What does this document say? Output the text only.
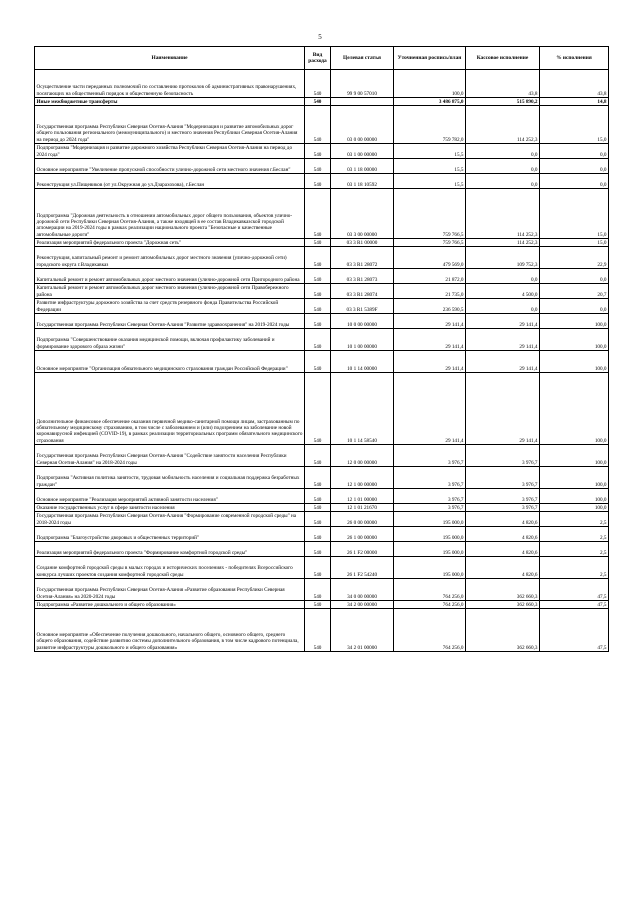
5
Наименование	Вид расхода	Целевая статья	Уточненная роспись/план	Кассовое исполнение	% исполнения
Осуществление части переданных полномочий по составлению протоколов об административных правонарушениях, посягающих на общественный порядок и общественную безопасность	540	99 9 00 57010	100,0	43,8	43,8
Иные межбюджетные трансферты	540		3 486 875,0	515 890,2	14,8
Государственная программа Республики Северная Осетия-Алания "Модернизация и развитие автомобильных дорог общего пользования регионального (межмуниципального) и местного значения Республики Северная Осетия-Алания на период до 2024 года"	540	03 0 00 00000	759 782,0	114 252,3	15,0
Подпрограмма "Модернизация и развитие дорожного хозяйства Республики Северная Осетия-Алания на период до 2024 года"	540	03 1 00 00000	15,5	0,0	0,0
Основное мероприятие "Увеличение пропускной способности улично-дорожной сети местного значения г.Беслан"	540	03 1 18 00000	15,5	0,0	0,0
Реконструкция ул.Пищевиков (от ул.Окружная до ул.Дзарахохова), г.Беслан	540	03 1 18 10592	15,5	0,0	0,0
Подпрограмма "Дорожная деятельность в отношении автомобильных дорог общего пользования, объектов улично-дорожной сети Республики Северная Осетия-Алания, а также входящей в ее состав Владикавказской городской агломерации на 2019-2024 годы в рамках реализации национального проекта "Безопасные и качественные автомобильные дороги"	540	03 3 00 00000	759 766,5	114 252,3	15,0
Реализация мероприятий федерального проекта "Дорожная сеть"	540	03 3 R1 00000	759 766,5	114 252,3	15,0
Реконструкция, капитальный ремонт и ремонт автомобильных дорог местного значения (улично-дорожной сети) городского округа г.Владикавказ	540	03 3 R1 28072	479 569,0	109 752,3	22,9
Капитальный ремонт и ремонт автомобильных дорог местного значения (улично-дорожной сети Пригородного района	540	03 3 R1 28073	21 872,0	0,0	0,0
Капитальный ремонт и ремонт автомобильных дорог местного значения (улично-дорожной сети Правобережного района	540	03 3 R1 28074	21 735,0	4 500,0	20,7
Развитие инфраструктуры дорожного хозяйства за счет средств резервного фонда Правительства Российской Федерации	540	03 3 R1 5389F	236 590,5	0,0	0,0
Государственная программа Республики Северная Осетия-Алания "Развитие здравоохранения" на 2019-2024 годы	540	10 0 00 00000	29 141,4	29 141,4	100,0
Подпрограмма "Совершенствование оказания медицинской помощи, включая профилактику заболеваний и формирование здорового образа жизни"	540	10 1 00 00000	29 141,4	29 141,4	100,0
Основное мероприятие "Организация обязательного медицинского страхования граждан Российской Федерации"	540	10 1 14 00000	29 141,4	29 141,4	100,0
Дополнительное финансовое обеспечение оказания первичной медико-санитарной помощи лицам, застрахованным по обязательному медицинскому страхованию, в том числе с заболеванием и (или) подозрением на заболевание новой коронавирусной инфекцией (COVID-19), в рамках реализации территориальных программ обязательного медицинского страхования	540	10 1 14 58540	29 141,4	29 141,4	100,0
Государственная программа Республики Северная Осетия-Алания "Содействие занятости населения Республики Северная Осетия-Алания" на 2018-2024 годы	540	12 0 00 00000	3 976,7	3 976,7	100,0
Подпрограмма "Активная политика занятости, трудовая мобильность населения и социальная поддержка безработных граждан"	540	12 1 00 00000	3 976,7	3 976,7	100,0
Основное мероприятие "Реализация мероприятий активной занятости населения"	540	12 1 01 00000	3 976,7	3 976,7	100,0
Оказание государственных услуг в сфере занятости населения	540	12 1 01 21670	3 976,7	3 976,7	100,0
Государственная программа Республики Северная Осетия-Алания "Формирование современной городской среды" на 2018-2024 годы	540	26 0 00 00000	195 000,0	4 820,6	2,5
Подпрограмма "Благоустройство дворовых и общественных территорий"	540	26 1 00 00000	195 000,0	4 820,6	2,5
Реализация мероприятий федерального проекта "Формирование комфортной городской среды"	540	26 1 F2 00000	195 000,0	4 820,6	2,5
Создание комфортной городской среды в малых городах и исторических поселениях - победителях Всероссийского конкурса лучших проектов создания комфортной городской среды	540	26 1 F2 54240	195 000,0	4 820,6	2,5
Государственная программа Республики Северная Осетия-Алания «Развитие образования Республики Северная Осетия-Алания» на 2020-2024 годы	540	34 0 00 00000	764 256,0	362 660,3	47,5
Подпрограмма «Развитие дошкольного и общего образования»	540	34 2 00 00000	764 256,0	362 660,3	47,5
Основное мероприятие «Обеспечение получения дошкольного, начального общего, основного общего, среднего общего образования, содействие развитию системы дополнительного образования, в том числе кадрового потенциала, развитие инфраструктуры дошкольного и общего образования»	540	34 2 01 00000	764 256,0	362 660,3	47,5
